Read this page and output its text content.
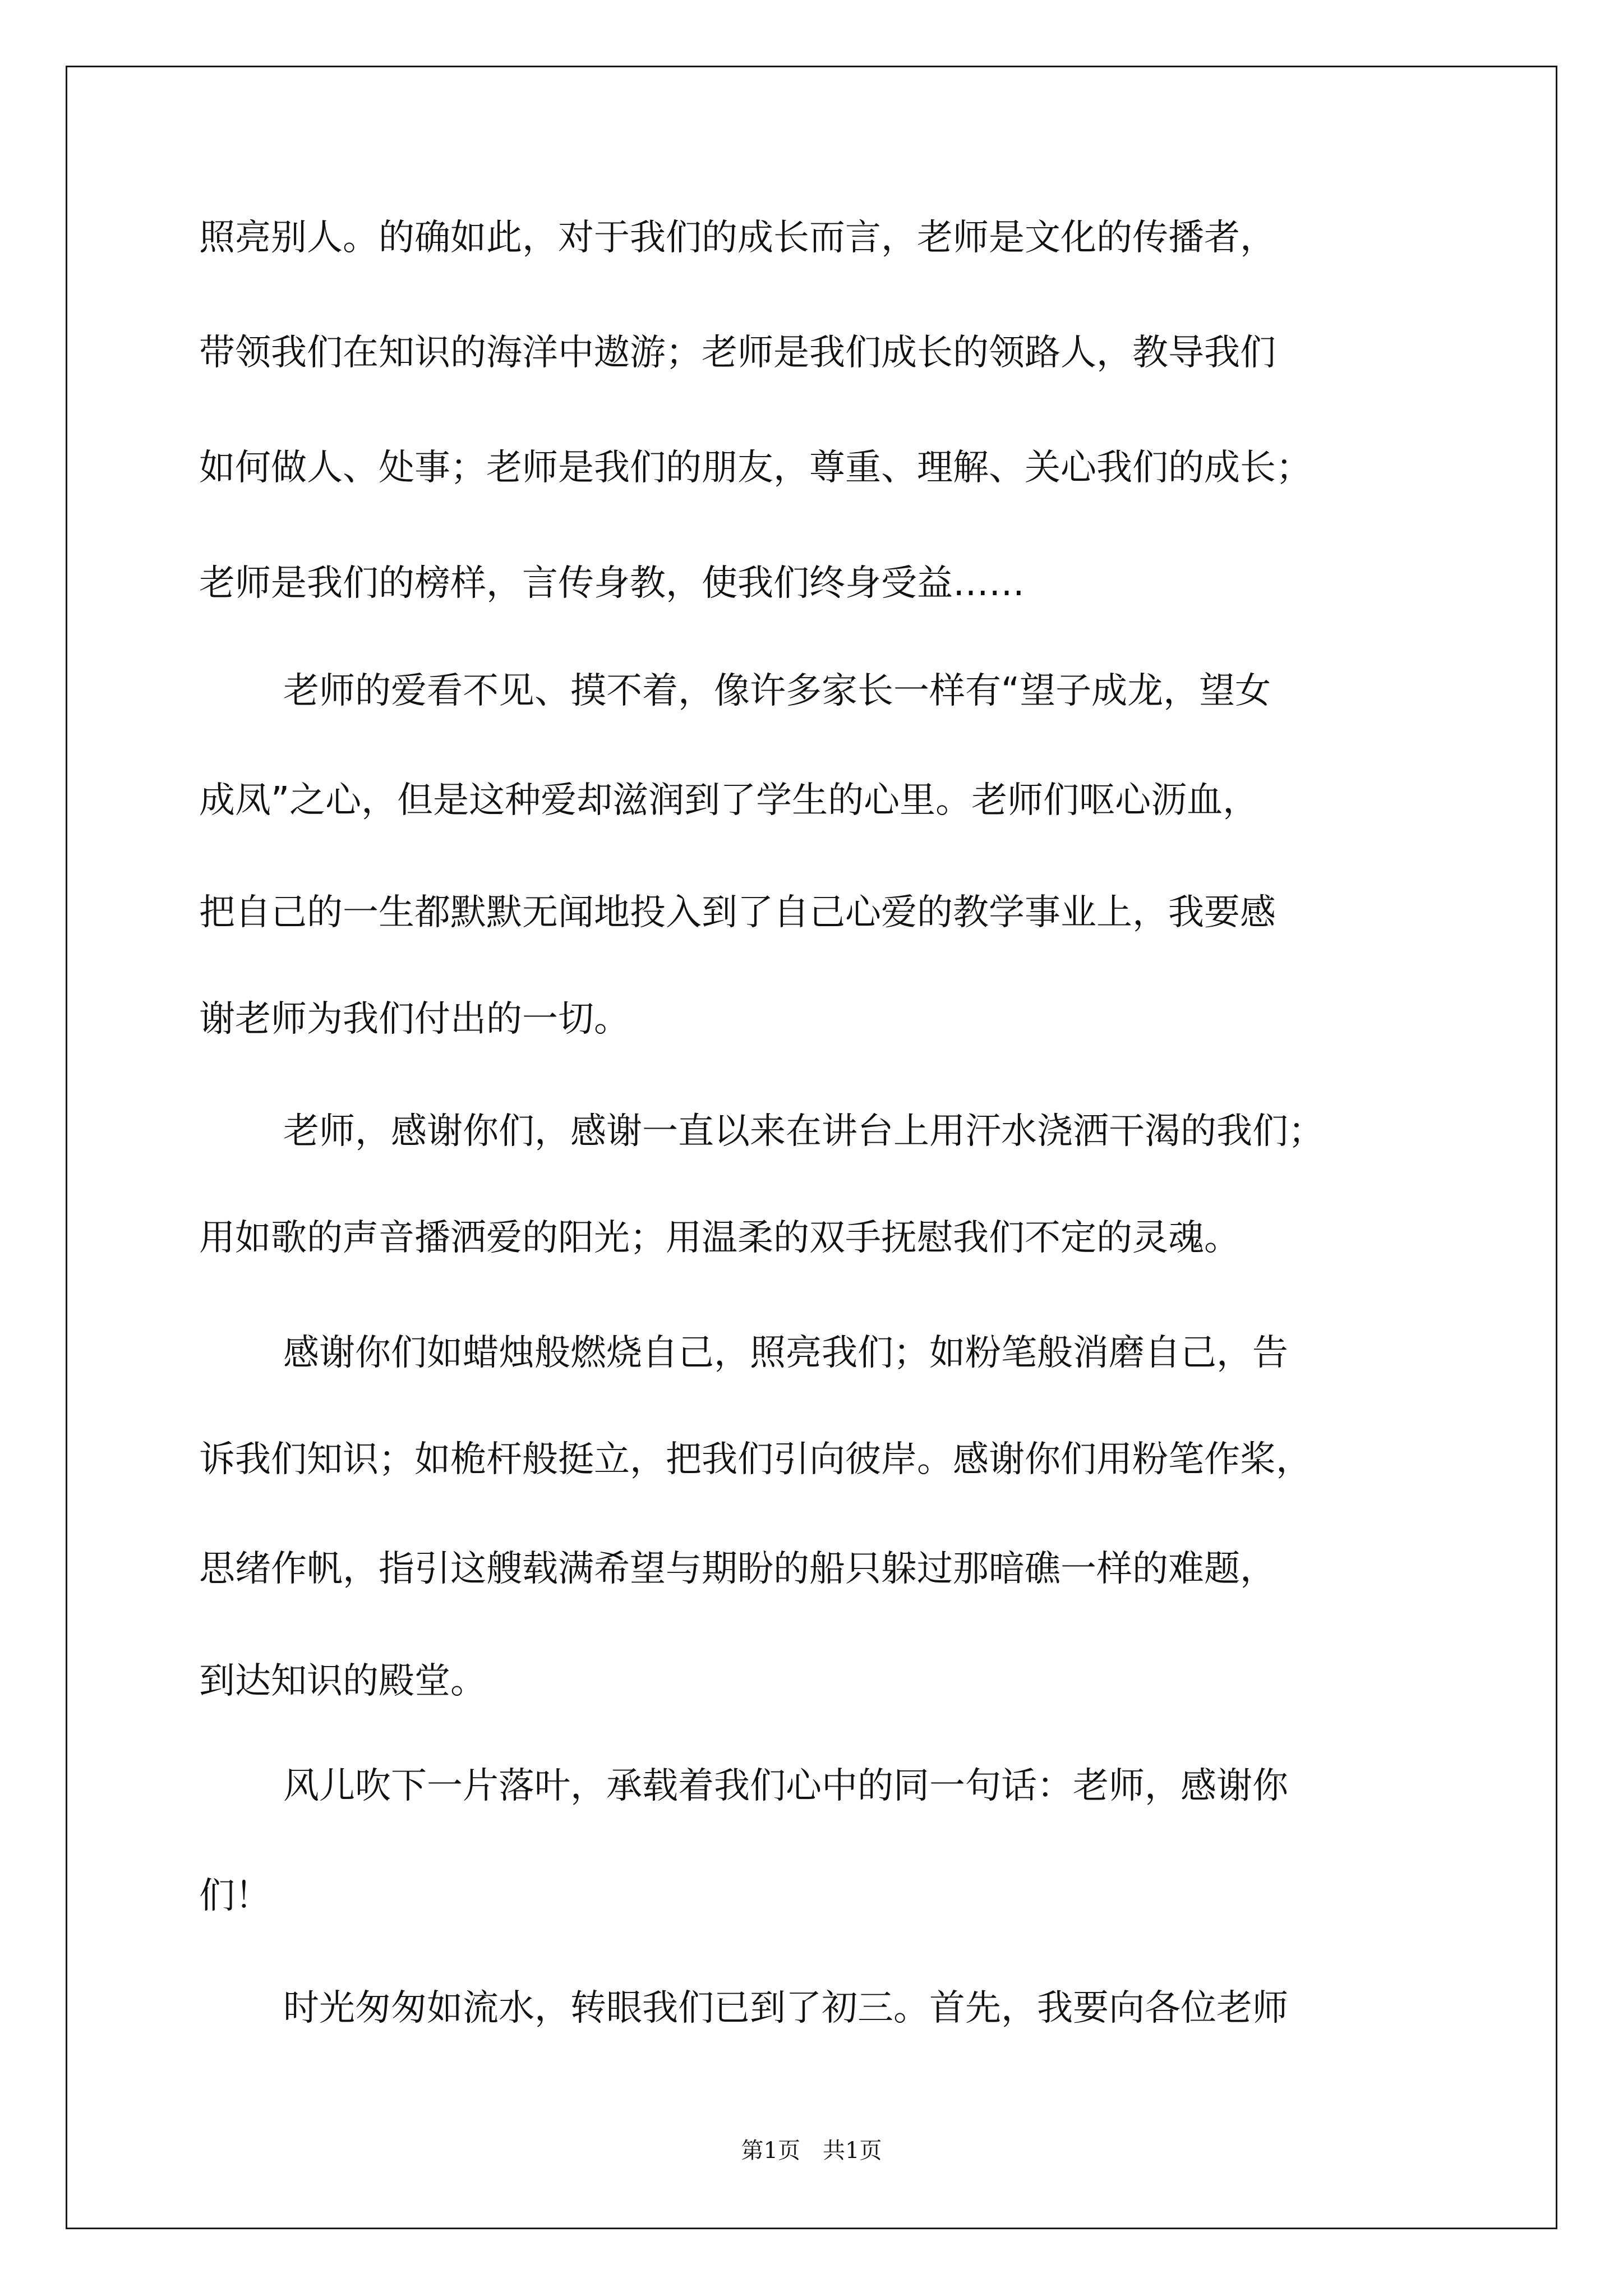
照亮别人。的确如此，对于我们的成长而言，老师是文化的传播者，
带领我们在知识的海洋中遨游；老师是我们成长的领路人，教导我们
如何做人、处事；老师是我们的朋友，尊重、理解、关心我们的成长；
老师是我们的榜样，言传身教，使我们终身受益……
老师的爱看不见、摸不着，像许多家长一样有“望子成龙，望女
成凤”之心，但是这种爱却滋润到了学生的心里。老师们呕心沥血，
把自己的一生都默默无闻地投入到了自己心爱的教学事业上，我要感
谢老师为我们付出的一切。
老师，感谢你们，感谢一直以来在讲台上用汗水浇洒干渴的我们；
用如歌的声音播洒爱的阳光；用温柔的双手抚慰我们不定的灵魂。
感谢你们如蜡烛般燃烧自己，照亮我们；如粉笔般消磨自己，告
诉我们知识；如桅杆般挺立，把我们引向彼岸。感谢你们用粉笔作桨，
思绪作帆，指引这艘载满希望与期盼的船只躲过那暗礁一样的难题，
到达知识的殿堂。
风儿吹下一片落叶，承载着我们心中的同一句话：老师，感谢你
们！
时光匆匆如流水，转眼我们已到了初三。首先，我要向各位老师
第1页　共1页
